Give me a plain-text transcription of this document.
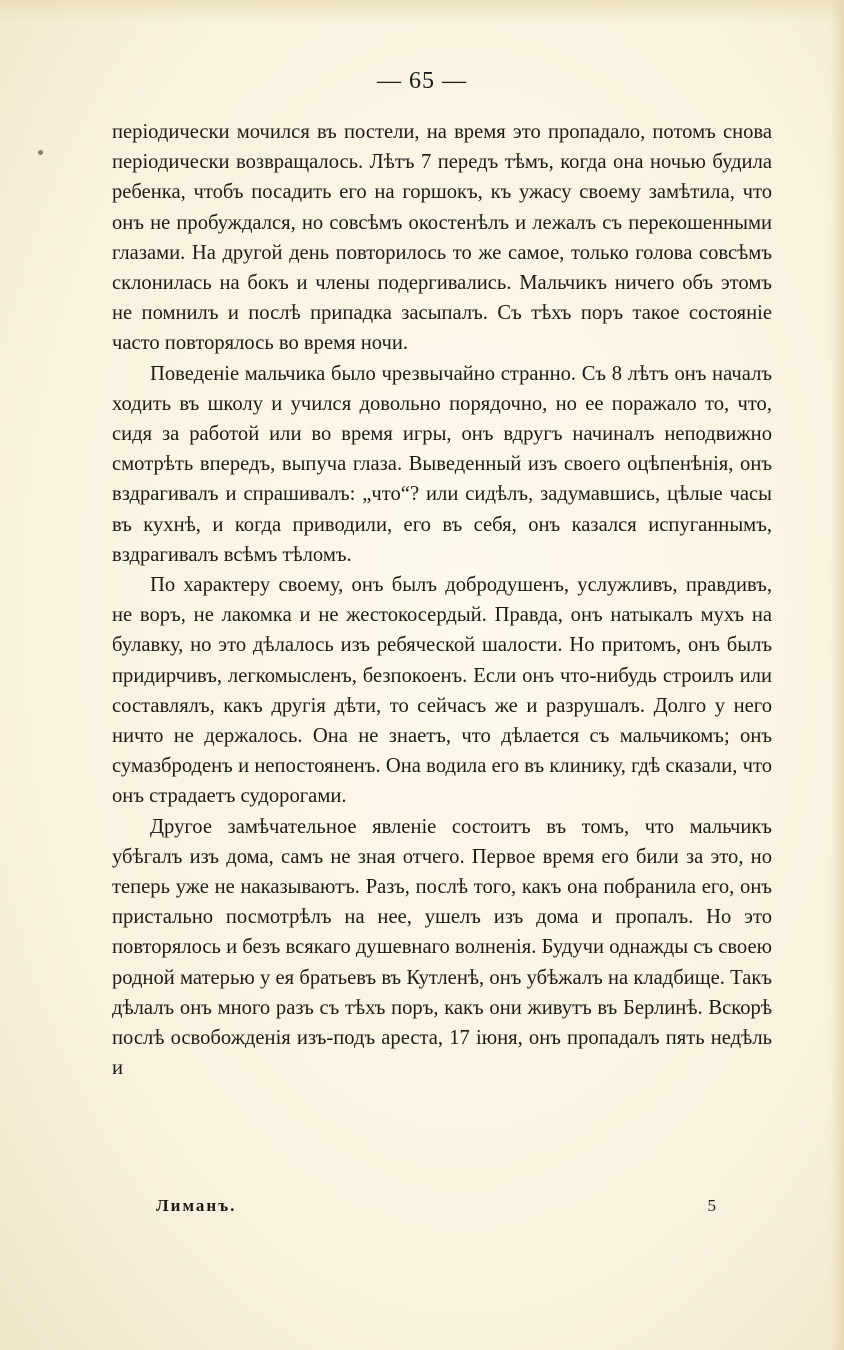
— 65 —

періодически мочился въ постели, на время это пропадало, потомъ снова періодически возвращалось. Лѣтъ 7 передъ тѣмъ, когда она ночью будила ребенка, чтобъ посадить его на горшокъ, къ ужасу своему замѣтила, что онъ не пробуждался, но совсѣмъ окостенѣлъ и лежалъ съ перекошенными глазами. На другой день повторилось то же самое, только голова совсѣмъ склонилась на бокъ и члены подергивались. Мальчикъ ничего объ этомъ не помнилъ и послѣ припадка засыпалъ. Съ тѣхъ поръ такое состояніе часто повторялось во время ночи.

Поведеніе мальчика было чрезвычайно странно. Съ 8 лѣтъ онъ началъ ходить въ школу и учился довольно порядочно, но ее поражало то, что, сидя за работой или во время игры, онъ вдругъ начиналъ неподвижно смотрѣть впередъ, выпуча глаза. Выведенный изъ своего оцѣпенѣнія, онъ вздрагивалъ и спрашивалъ: „что“? или сидѣлъ, задумавшись, цѣлые часы въ кухнѣ, и когда приводили, его въ себя, онъ казался испуганнымъ, вздрагивалъ всѣмъ тѣломъ.

По характеру своему, онъ былъ добродушенъ, услужливъ, правдивъ, не воръ, не лакомка и не жестокосердый. Правда, онъ натыкалъ мухъ на булавку, но это дѣлалось изъ ребяческой шалости. Но притомъ, онъ былъ придирчивъ, легкомысленъ, безпокоенъ. Если онъ что-нибудь строилъ или составлялъ, какъ другія дѣти, то сейчасъ же и разрушалъ. Долго у него ничто не держалось. Она не знаетъ, что дѣлается съ мальчикомъ; онъ сумазброденъ и непостояненъ. Она водила его въ клинику, гдѣ сказали, что онъ страдаетъ судорогами.

Другое замѣчательное явленіе состоитъ въ томъ, что мальчикъ убѣгалъ изъ дома, самъ не зная отчего. Первое время его били за это, но теперь уже не наказываютъ. Разъ, послѣ того, какъ она побранила его, онъ пристально посмотрѣлъ на нее, ушелъ изъ дома и пропалъ. Но это повторялось и безъ всякаго душевнаго волненія. Будучи однажды съ своею родной матерью у ея братьевъ въ Кутленѣ, онъ убѣжалъ на кладбище. Такъ дѣлалъ онъ много разъ съ тѣхъ поръ, какъ они живутъ въ Берлинѣ. Вскорѣ послѣ освобожденія изъ-подъ ареста, 17 іюня, онъ пропадалъ пять недѣль и

Лиманъ.	5
